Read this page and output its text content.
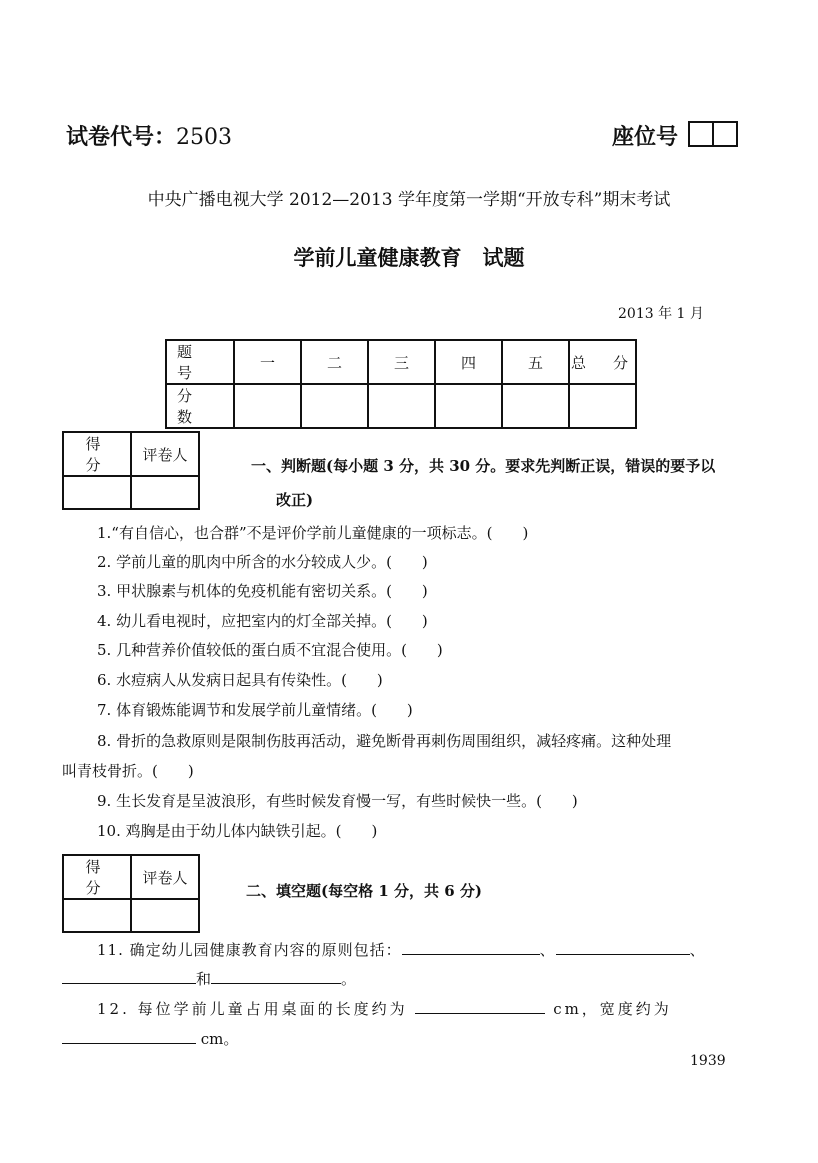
试卷代号：2503	座位号
中央广播电视大学 2012—2013 学年度第一学期“开放专科”期末考试
学前儿童健康教育　试题
2013 年 1 月
题　号	一	二	三	四	五	总　分
分　数						
得　分	评卷人

一、判断题(每小题 3 分，共 30 分。要求先判断正误，错误的要予以
改正)
1.“有自信心，也合群”不是评价学前儿童健康的一项标志。(　　)
2. 学前儿童的肌肉中所含的水分较成人少。(　　)
3. 甲状腺素与机体的免疫机能有密切关系。(　　)
4. 幼儿看电视时，应把室内的灯全部关掉。(　　)
5. 几种营养价值较低的蛋白质不宜混合使用。(　　)
6. 水痘病人从发病日起具有传染性。(　　)
7. 体育锻炼能调节和发展学前儿童情绪。(　　)
8. 骨折的急救原则是限制伤肢再活动，避免断骨再刺伤周围组织，减轻疼痛。这种处理
叫青枝骨折。(　　)
9. 生长发育是呈波浪形，有些时候发育慢一写，有些时候快一些。(　　)
10. 鸡胸是由于幼儿体内缺铁引起。(　　)
得　分	评卷人

二、填空题(每空格 1 分，共 6 分)
11. 确定幼儿园健康教育内容的原则包括：	、	、
和	。
12. 每位学前儿童占用桌面的长度约为	cm，宽度约为
cm。
1939
